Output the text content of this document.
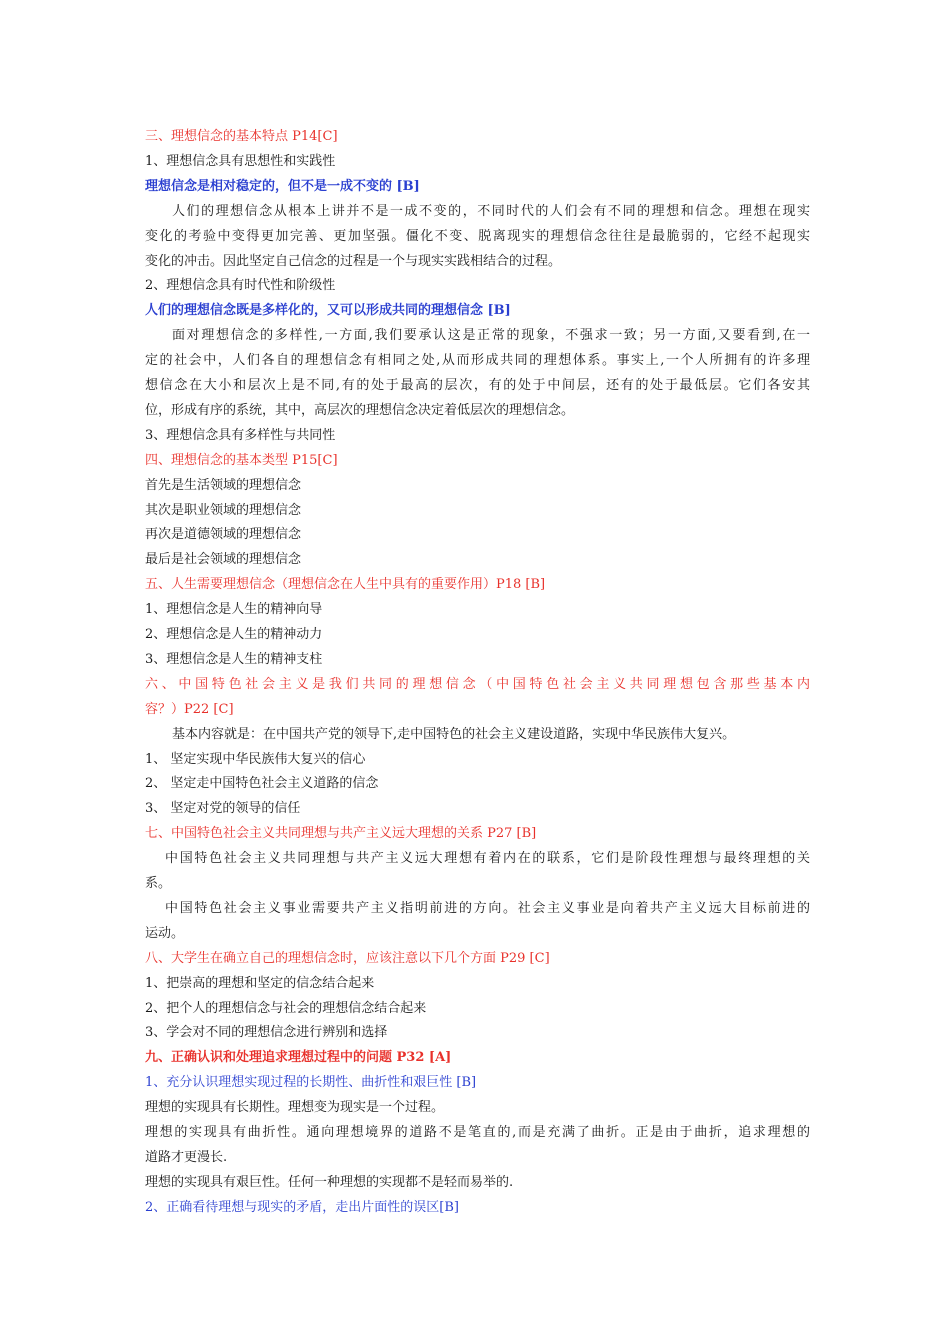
三、理想信念的基本特点 P14[C]
1、理想信念具有思想性和实践性
理想信念是相对稳定的，但不是一成不变的 [B]
人们的理想信念从根本上讲并不是一成不变的，不同时代的人们会有不同的理想和信念。理想在现实
变化的考验中变得更加完善、更加坚强。僵化不变、脱离现实的理想信念往往是最脆弱的，它经不起现实
变化的冲击。因此坚定自己信念的过程是一个与现实实践相结合的过程。
2、理想信念具有时代性和阶级性
人们的理想信念既是多样化的，又可以形成共同的理想信念 [B]
面对理想信念的多样性,一方面,我们要承认这是正常的现象，不强求一致；另一方面,又要看到,在一
定的社会中，人们各自的理想信念有相同之处,从而形成共同的理想体系。事实上,一个人所拥有的许多理
想信念在大小和层次上是不同,有的处于最高的层次，有的处于中间层，还有的处于最低层。它们各安其
位，形成有序的系统，其中，高层次的理想信念决定着低层次的理想信念。
3、理想信念具有多样性与共同性
四、理想信念的基本类型 P15[C]
首先是生活领域的理想信念
其次是职业领域的理想信念
再次是道德领域的理想信念
最后是社会领域的理想信念
五、人生需要理想信念（理想信念在人生中具有的重要作用）P18 [B]
1、理想信念是人生的精神向导
2、理想信念是人生的精神动力
3、理想信念是人生的精神支柱
六、中国特色社会主义是我们共同的理想信念（中国特色社会主义共同理想包含那些基本内
容？）P22 [C]
基本内容就是：在中国共产党的领导下,走中国特色的社会主义建设道路，实现中华民族伟大复兴。
1、 坚定实现中华民族伟大复兴的信心
2、 坚定走中国特色社会主义道路的信念
3、 坚定对党的领导的信任
七、中国特色社会主义共同理想与共产主义远大理想的关系 P27 [B]
中国特色社会主义共同理想与共产主义远大理想有着内在的联系，它们是阶段性理想与最终理想的关
系。
中国特色社会主义事业需要共产主义指明前进的方向。社会主义事业是向着共产主义远大目标前进的
运动。
八、大学生在确立自己的理想信念时，应该注意以下几个方面 P29 [C]
1、把崇高的理想和坚定的信念结合起来
2、把个人的理想信念与社会的理想信念结合起来
3、学会对不同的理想信念进行辨别和选择
九、正确认识和处理追求理想过程中的问题 P32 [A]
1、充分认识理想实现过程的长期性、曲折性和艰巨性 [B]
理想的实现具有长期性。理想变为现实是一个过程。
理想的实现具有曲折性。通向理想境界的道路不是笔直的,而是充满了曲折。正是由于曲折，追求理想的
道路才更漫长.
理想的实现具有艰巨性。任何一种理想的实现都不是轻而易举的.
2、正确看待理想与现实的矛盾，走出片面性的误区[B]
